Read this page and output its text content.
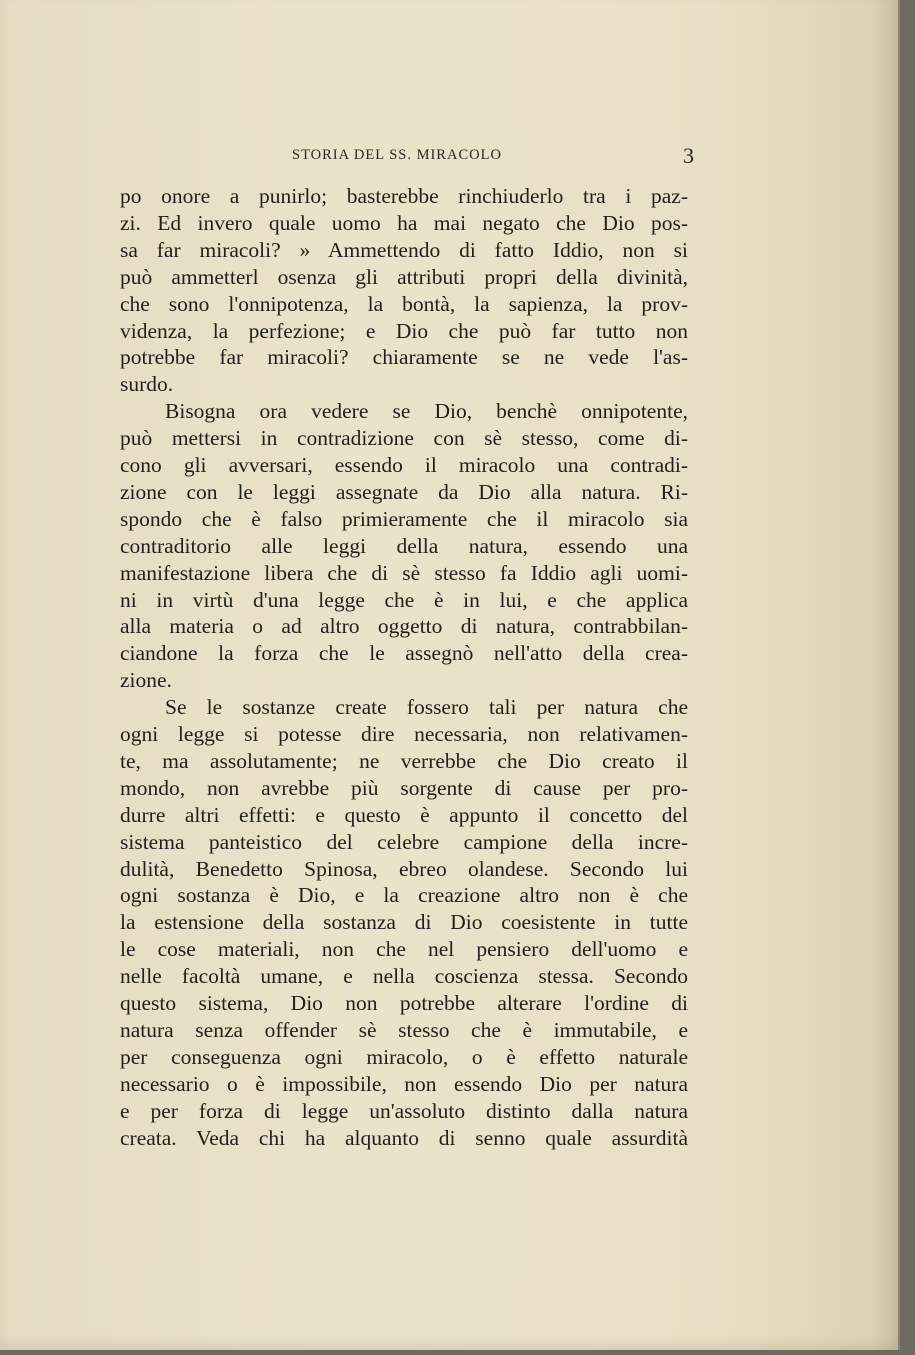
STORIA DEL SS. MIRACOLO	3
po onore a punirlo; basterebbe rinchiuderlo tra i paz-
zi. Ed invero quale uomo ha mai negato che Dio pos-
sa far miracoli? » Ammettendo di fatto Iddio, non si
può ammetterl osenza gli attributi propri della divinità,
che sono l'onnipotenza, la bontà, la sapienza, la prov-
videnza, la perfezione; e Dio che può far tutto non
potrebbe far miracoli? chiaramente se ne vede l'as-
surdo.
Bisogna ora vedere se Dio, benchè onnipotente,
può mettersi in contradizione con sè stesso, come di-
cono gli avversari, essendo il miracolo una contradi-
zione con le leggi assegnate da Dio alla natura. Ri-
spondo che è falso primieramente che il miracolo sia
contraditorio alle leggi della natura, essendo una
manifestazione libera che di sè stesso fa Iddio agli uomi-
ni in virtù d'una legge che è in lui, e che applica
alla materia o ad altro oggetto di natura, contrabbilan-
ciandone la forza che le assegnò nell'atto della crea-
zione.
Se le sostanze create fossero tali per natura che
ogni legge si potesse dire necessaria, non relativamen-
te, ma assolutamente; ne verrebbe che Dio creato il
mondo, non avrebbe più sorgente di cause per pro-
durre altri effetti: e questo è appunto il concetto del
sistema panteistico del celebre campione della incre-
dulità, Benedetto Spinosa, ebreo olandese. Secondo lui
ogni sostanza è Dio, e la creazione altro non è che
la estensione della sostanza di Dio coesistente in tutte
le cose materiali, non che nel pensiero dell'uomo e
nelle facoltà umane, e nella coscienza stessa. Secondo
questo sistema, Dio non potrebbe alterare l'ordine di
natura senza offender sè stesso che è immutabile, e
per conseguenza ogni miracolo, o è effetto naturale
necessario o è impossibile, non essendo Dio per natura
e per forza di legge un'assoluto distinto dalla natura
creata. Veda chi ha alquanto di senno quale assurdità
